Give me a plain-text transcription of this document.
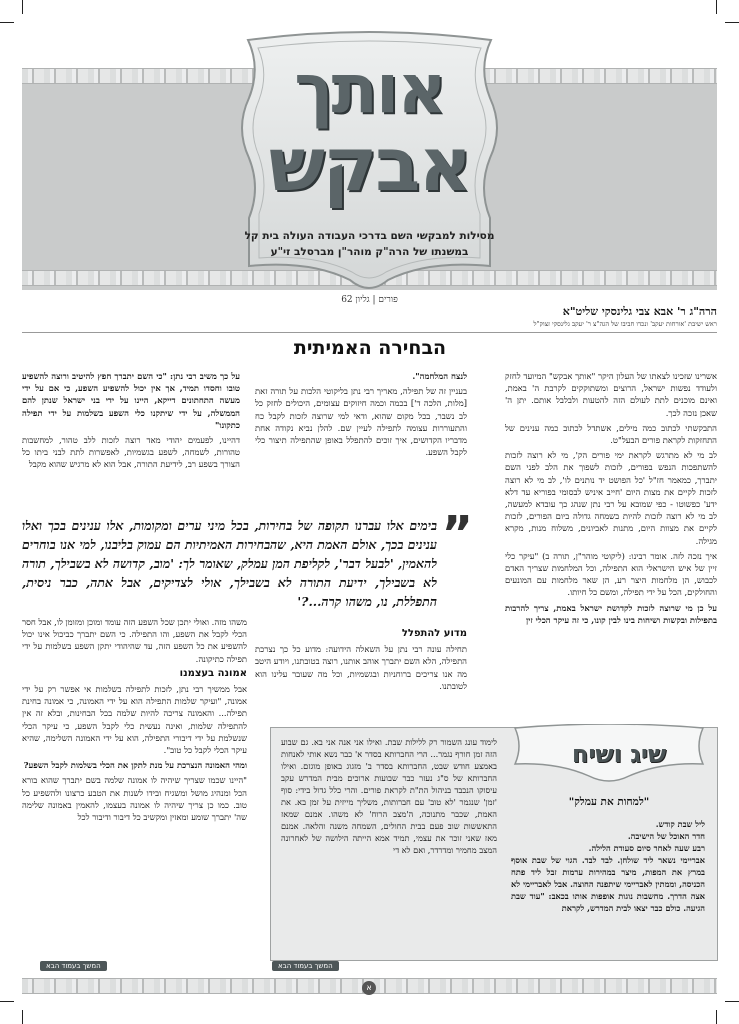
אותך
אבקש
מסילות למבקשי השם בדרכי העבודה העולה בית קל
במשנתו של הרה"ק מוהר"ן מברסלב זי"ע
פורים | גליון 62
הרה"ג ר' אבא צבי גלינסקי שליט"א
ראש ישיבת 'אורחות יעקב' ונכדו חביבו של הגה"צ ר' יעקב גלינסקי זצוק"ל
הבחירה האמיתית

אשרינו שזכינו לצאתו של העלון היקר "אותך אבקש" המיועד לחזק ולעודד נפשות ישראל, הרוצים ומשתוקקים לקרבת ה' באמת, ואינם מוכנים לתת לעולם הזה להטעות ולבלבל אותם. יתן ה' שאכן נזכה לכך.

התבקשתי לכתוב כמה מילים, אשתדל לכתוב כמה ענינים של התחזקות לקראת פורים הבעל"ט.

לב מי לא מתרגש לקראת ימי פורים הק', מי לא רוצה לזכות להשתפכות הנפש בפורים, לזכות לשפוך את הלב לפני השם יתברך, כמאמר חז"ל 'כל הפושט יד נותנים לו', לב מי לא רוצה לזכות לקיים את מצות היום 'חייב איניש לבסומי בפוריא עד דלא ידע' כפשוטו - כפי שמובא על רבי נתן שנהג כך עובדא למעשה, לב מי לא רוצה לזכות להיות בשמחה גדולה ביום הפורים, לזכות לקיים את מצוות היום, מתנות לאביונים, משלוח מנות, מקרא מגילה.

איך נזכה לזה. אומר רבינו: (ליקוטי מוהר"ן, תורה ב) "עיקר כלי זיין של איש הישראלי הוא התפילה, וכל המלחמות שצריך האדם לכבוש, הן מלחמות היצר רע, הן שאר מלחמות עם המונעים והחולקים, הכל על ידי תפילה, ומשם כל חיותו.

על כן מי שרוצה לזכות לקדושת ישראל באמת, צריך להרבות בתפילות ובקשות ושיחות בינו לבין קונו, כי זה עיקר הכלי זין

לנצח המלחמה".

בעניין זה של תפילה, מאריך רבי נתן בליקוטי הלכות על תורה זאת [מלות, הלכה ד'] בכמה וכמה חיזוקים עצומים, היכולים לחזק כל לב נשבר, בכל מקום שהוא, ודאי למי שרוצה לזכות לקבל כח והתעוררות עצומה לתפילה לעיין שם. להלן נביא נקודה אחת מדבריו הקדושים, איך זוכים להתפלל באופן שהתפילה תיצור כלי לקבל השפע.

על כך משיב רבי נתן: "כי השם יתברך חפץ להיטיב ורוצה להשפיע טובו וחסדו תמיד, אך אין יכול להשפיע השפע, כי אם על ידי מעשה התחתונים דייקא, היינו על ידי בני ישראל שנתן להם הממשלה, על ידי שיתקנו כלי השפע בשלמות על ידי תפילה כתקונו"

דהיינו, לפעמים יהודי מאד רוצה לזכות ללב טהור, למחשבות טהורות, לשמחה, לשפע בגשמיות, לאפשרות לתת לבני ביתו כל הצורך בשפע רב, לידיעת התורה, אבל הוא לא מרגיש שהוא מקבל

”
בימים אלו עברנו תקופה של בחירות, בכל מיני ערים ומקומות, אלו ענינים בכך ואלו ענינים בכך, אולם האמת היא, שהבחירות האמיתיות הם עמוק בליבנו, למי אנו בוחרים להאמין, 'לבעל דבר', לקליפת המן עמלק, שאומר לך: 'מוב, קדושה לא בשבילך, תורה לא בשבילך, ידיעת התורה לא בשבילך, אולי לצדיקים, אבל אתה, כבר ניסית, התפללת, נו, משהו קרה...?'
מדוע להתפלל

תחילה עונה רבי נתן על השאלה הידועה: מדוע כל כך נצרכת התפילה, הלא השם יתברך אוהב אותנו, רוצה בטובתנו, ויודע היטב מה אנו צריכים ברוחניות ובגשמיות, וכל מה שעובר עלינו הוא לטובתנו.

משהו מזה. ואולי יתכן שכל השפע הזה עומד ומוכן ומזומן לו, אבל חסר הכלי לקבל את השפע, והו התפילה. כי השם יתברך כביכול אינו יכול להשפיע את כל השפע הזה, עד שהיהודי יתקן השפע בשלמות על ידי תפילה כתיקונה.

אמונה בעצמנו

אבל ממשיך רבי נתן, לזכות לתפילה בשלמות אי אפשר רק על ידי אמונה, "ועיקר שלמות התפילה הוא על ידי האמונה, כי אמונה בחינת תפילה... והאמונה צריכה להיות שלמה בכל הבחינות, ובלא זה אין להתפילה שלמות, ואינה נעשית כלי לקבל השפע, כי עיקר הכלי שנשלמת על ידי דיבורי התפילה, הוא על ידי האמונה השלימה, שהיא עיקר הכלי לקבל כל טוב".

ומהי האמונה הנצרכת על מנת לתקן את הכלי בשלמות לקבל השפע?

"היינו שכמו שצריך שיהיה לו אמונה שלמה בשם יתברך שהוא בורא הכל ומנהיג מושל ומשגיח ובידו לשנות את הטבע כרצונו ולהשפיע כל טוב. כמו כן צריך שיהיה לו אמונה בעצמו, להאמין באמונה שלימה שה' יתברך שומע ומאזין ומקשיב כל דיבור ודיבור לכל

שיג ושיח
"למחות את עמלק"
ליל שבת קודש.
חדר האוכל של הישיבה.
רבע שעה לאחר סיום סעודת הלילה.
אבריימי נשאר ליד שולחן. לבד לבד. הגוי של שבת אוסף במרץ את המפות, מיצר במהירות ערמות זבל ליד פתח הכניסה, וממתין לאבריימי שיתפנה החוצה. אבל לאבריימי לא אצה הדרך. מחשבות נוגות אופפות אותו בכאב: "עוד שבת הגיעה. כולם כבר יצאו לבית המדרש, לקראת
לימוד עונג השמור רק ללילות שבת. ואילו אני אנה אני בא. גם שבוע הזה זמן חורף נגמר... הרי החברותא בסדר א' כבר נשא אותי לאנחות באמצע חודש שבט, החברותא בסדר ב' מזגוג באופן מוגזם. ואילו החברותא של ס"ג נעזר כבר שבועות ארוכים מבית המדרש עקב עיסוקו הנכבד בניהול הת"ת לקראת פורים. והרי כלל גדול בידי: סוף 'זמן' שנגמר 'לא טוב' עם חברותות, משליך מייזית על זמן בא. את האמת, שכבר מתנוכה, ה'מצב הרוח' לא משהו. אמנם שמאז התאששות שוב פעם בבית החולים, השמחה משנה והלאה. אמנם מאז שאני זוכר את עצמי, תמיד אמא הייתה הילושה של לאחרונה המצב מחמיר ומדרדר, ואם לא די
המשך בעמוד הבא	המשך בעמוד הבא
א
